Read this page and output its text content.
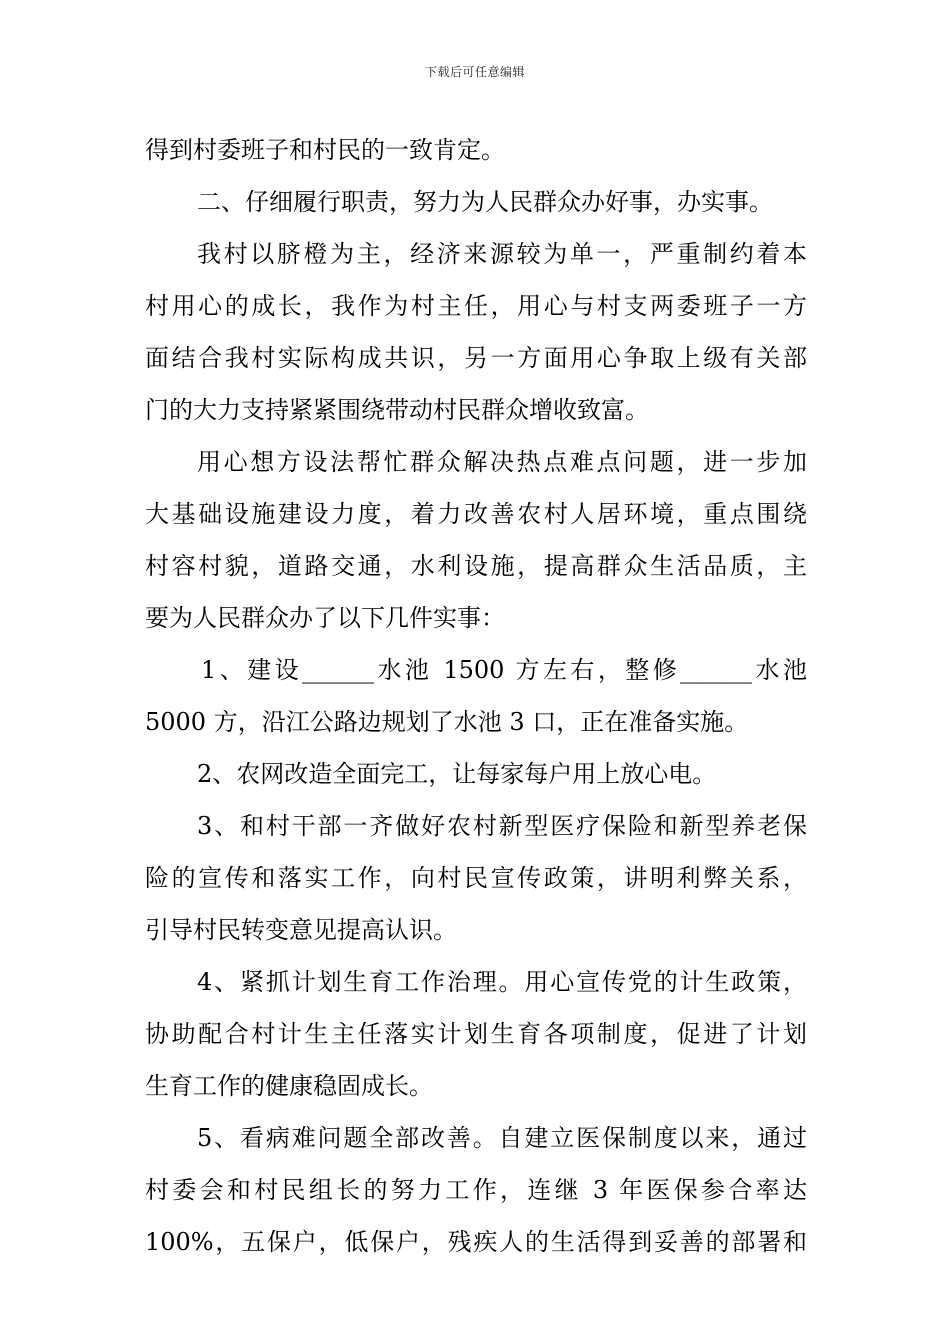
下载后可任意编辑
得到村委班子和村民的一致肯定。
二、仔细履行职责，努力为人民群众办好事，办实事。
我村以脐橙为主，经济来源较为单一，严重制约着本
村用心的成长，我作为村主任，用心与村支两委班子一方
面结合我村实际构成共识，另一方面用心争取上级有关部
门的大力支持紧紧围绕带动村民群众增收致富。
用心想方设法帮忙群众解决热点难点问题，进一步加
大基础设施建设力度，着力改善农村人居环境，重点围绕
村容村貌，道路交通，水利设施，提高群众生活品质，主
要为人民群众办了以下几件实事：
1、建设______水池 1500 方左右，整修______水池
5000 方，沿江公路边规划了水池 3 口，正在准备实施。
2、农网改造全面完工，让每家每户用上放心电。
3、和村干部一齐做好农村新型医疗保险和新型养老保
险的宣传和落实工作，向村民宣传政策，讲明利弊关系，
引导村民转变意见提高认识。
4、紧抓计划生育工作治理。用心宣传党的计生政策，
协助配合村计生主任落实计划生育各项制度，促进了计划
生育工作的健康稳固成长。
5、看病难问题全部改善。自建立医保制度以来，通过
村委会和村民组长的努力工作，连继 3 年医保参合率达
100%，五保户，低保户，残疾人的生活得到妥善的部署和
